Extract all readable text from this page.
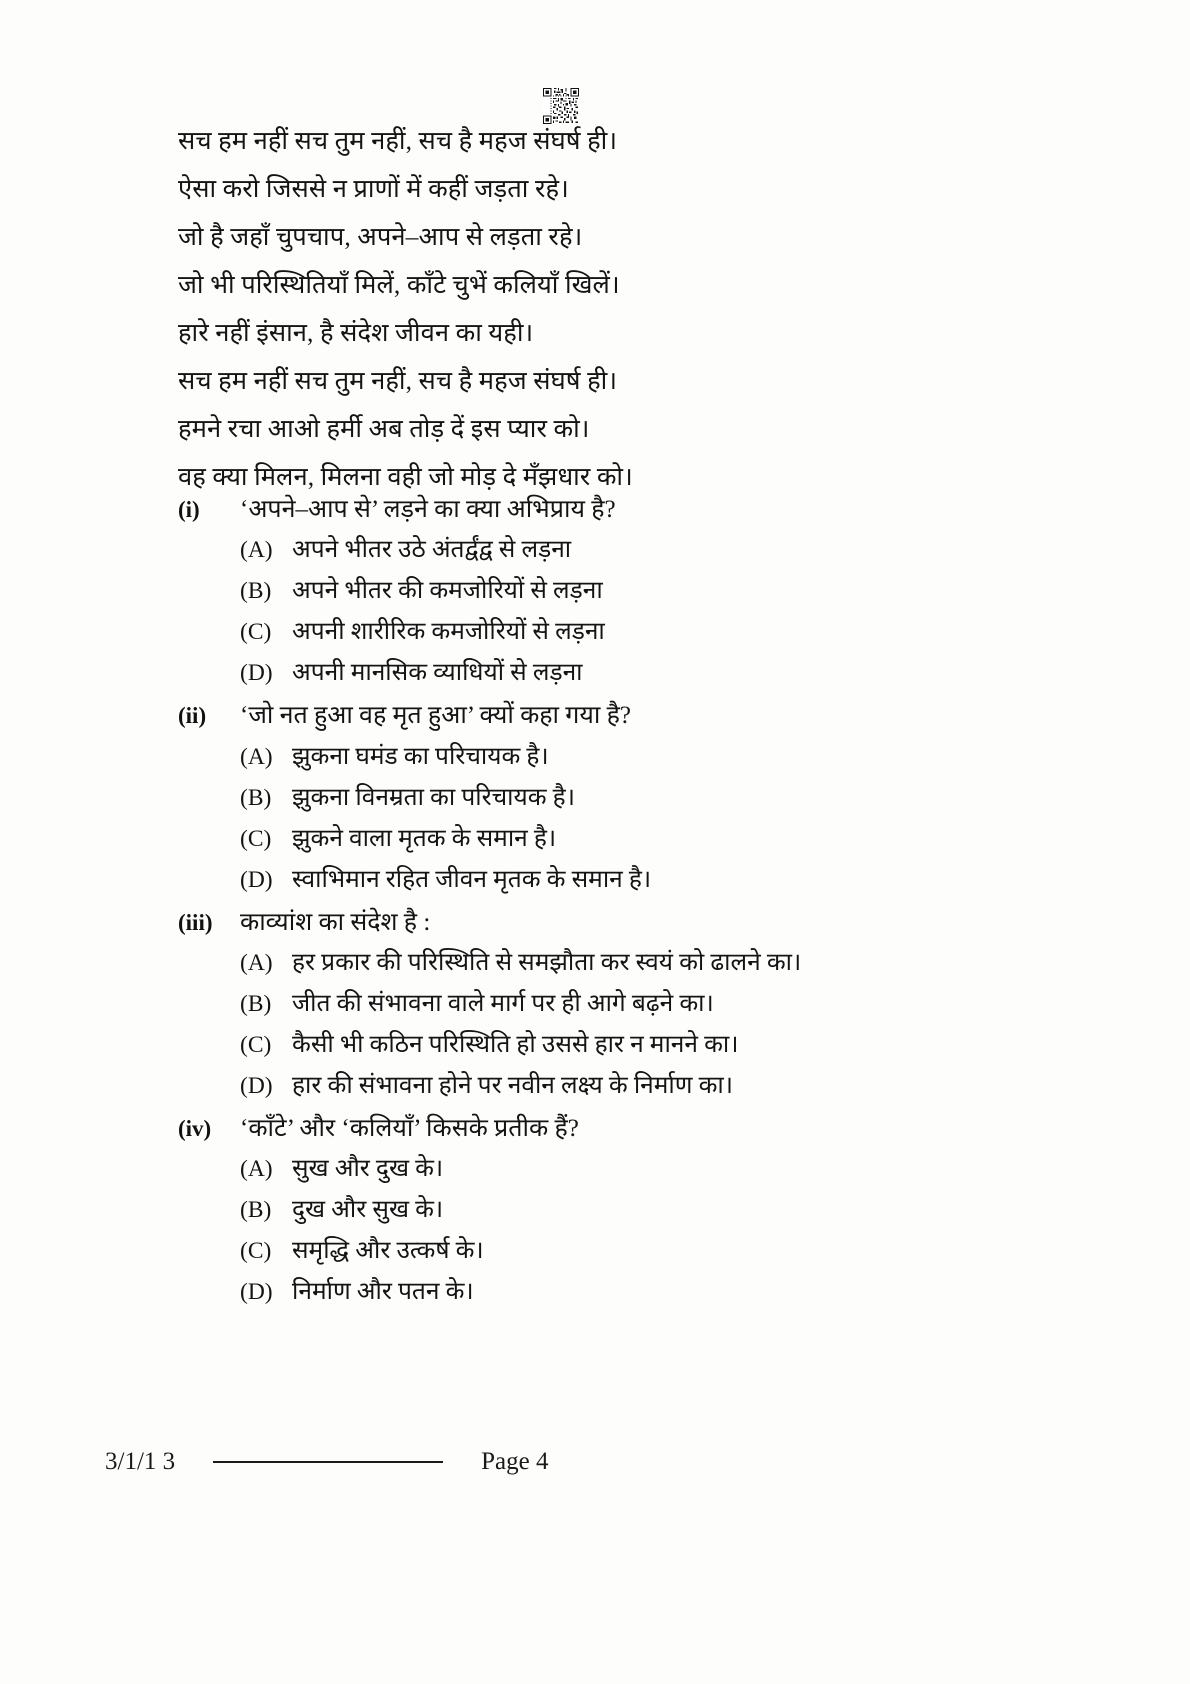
सच हम नहीं सच तुम नहीं, सच है महज संघर्ष ही।

ऐसा करो जिससे न प्राणों में कहीं जड़ता रहे।

जो है जहाँ चुपचाप, अपने–आप से लड़ता रहे।

जो भी परिस्थितियाँ मिलें, काँटे चुभें कलियाँ खिलें।

हारे नहीं इंसान, है संदेश जीवन का यही।

सच हम नहीं सच तुम नहीं, सच है महज संघर्ष ही।

हमने रचा आओ हर्मी अब तोड़ दें इस प्यार को।

वह क्या मिलन, मिलना वही जो मोड़ दे मँझधार को।

(i)	‘अपने–आप से’ लड़ने का क्या अभिप्राय है?
(A) अपने भीतर उठे अंतर्द्वंद्व से लड़ना
(B) अपने भीतर की कमजोरियों से लड़ना
(C) अपनी शारीरिक कमजोरियों से लड़ना
(D) अपनी मानसिक व्याधियों से लड़ना
(ii)	‘जो नत हुआ वह मृत हुआ’ क्यों कहा गया है?
(A) झुकना घमंड का परिचायक है।
(B) झुकना विनम्रता का परिचायक है।
(C) झुकने वाला मृतक के समान है।
(D) स्वाभिमान रहित जीवन मृतक के समान है।
(iii)	काव्यांश का संदेश है :
(A) हर प्रकार की परिस्थिति से समझौता कर स्वयं को ढालने का।
(B) जीत की संभावना वाले मार्ग पर ही आगे बढ़ने का।
(C) कैसी भी कठिन परिस्थिति हो उससे हार न मानने का।
(D) हार की संभावना होने पर नवीन लक्ष्य के निर्माण का।
(iv)	‘काँटे’ और ‘कलियाँ’ किसके प्रतीक हैं?
(A) सुख और दुख के।
(B) दुख और सुख के।
(C) समृद्धि और उत्कर्ष के।
(D) निर्माण और पतन के।
3/1/1 3	Page 4
